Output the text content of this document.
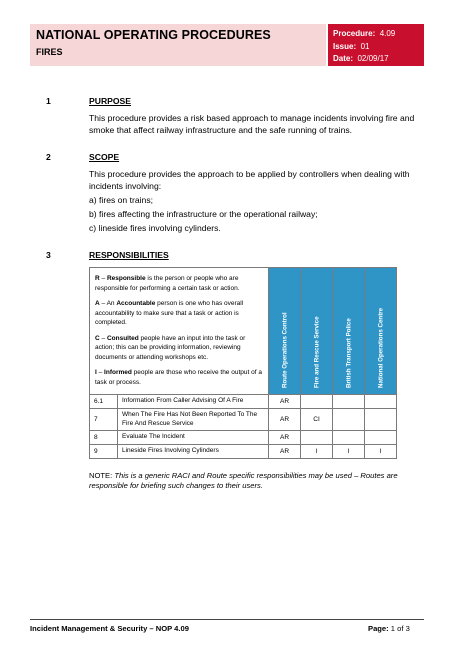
NATIONAL OPERATING PROCEDURES
FIRES
Procedure: 4.09
Issue: 01
Date: 02/09/17
1	PURPOSE
This procedure provides a risk based approach to manage incidents involving fire and smoke that affect railway infrastructure and the safe running of trains.
2	SCOPE
This procedure provides the approach to be applied by controllers when dealing with incidents involving:
a) fires on trains;
b) fires affecting the infrastructure or the operational railway;
c) lineside fires involving cylinders.
3	RESPONSIBILITIES

R – Responsible is the person or people who are responsible for performing a certain task or action.

A – An Accountable person is one who has overall accountability to make sure that a task or action is completed.

C – Consulted people have an input into the task or action; this can be providing information, reviewing documents or attending workshops etc.

I – Informed people are those who receive the output of a task or process.		Route Operations Control	Fire and Rescue Service	British Transport Police	National Operations Centre

6.1	Information From Caller Advising Of A Fire	AR			
7	When The Fire Has Not Been Reported To The Fire And Rescue Service	AR	CI		
8	Evaluate The Incident	AR			
9	Lineside Fires Involving Cylinders	AR	I	I	I
NOTE: This is a generic RACI and Route specific responsibilities may be used – Routes are responsible for briefing such changes to their users.
Incident Management & Security – NOP 4.09	Page: 1 of 3
